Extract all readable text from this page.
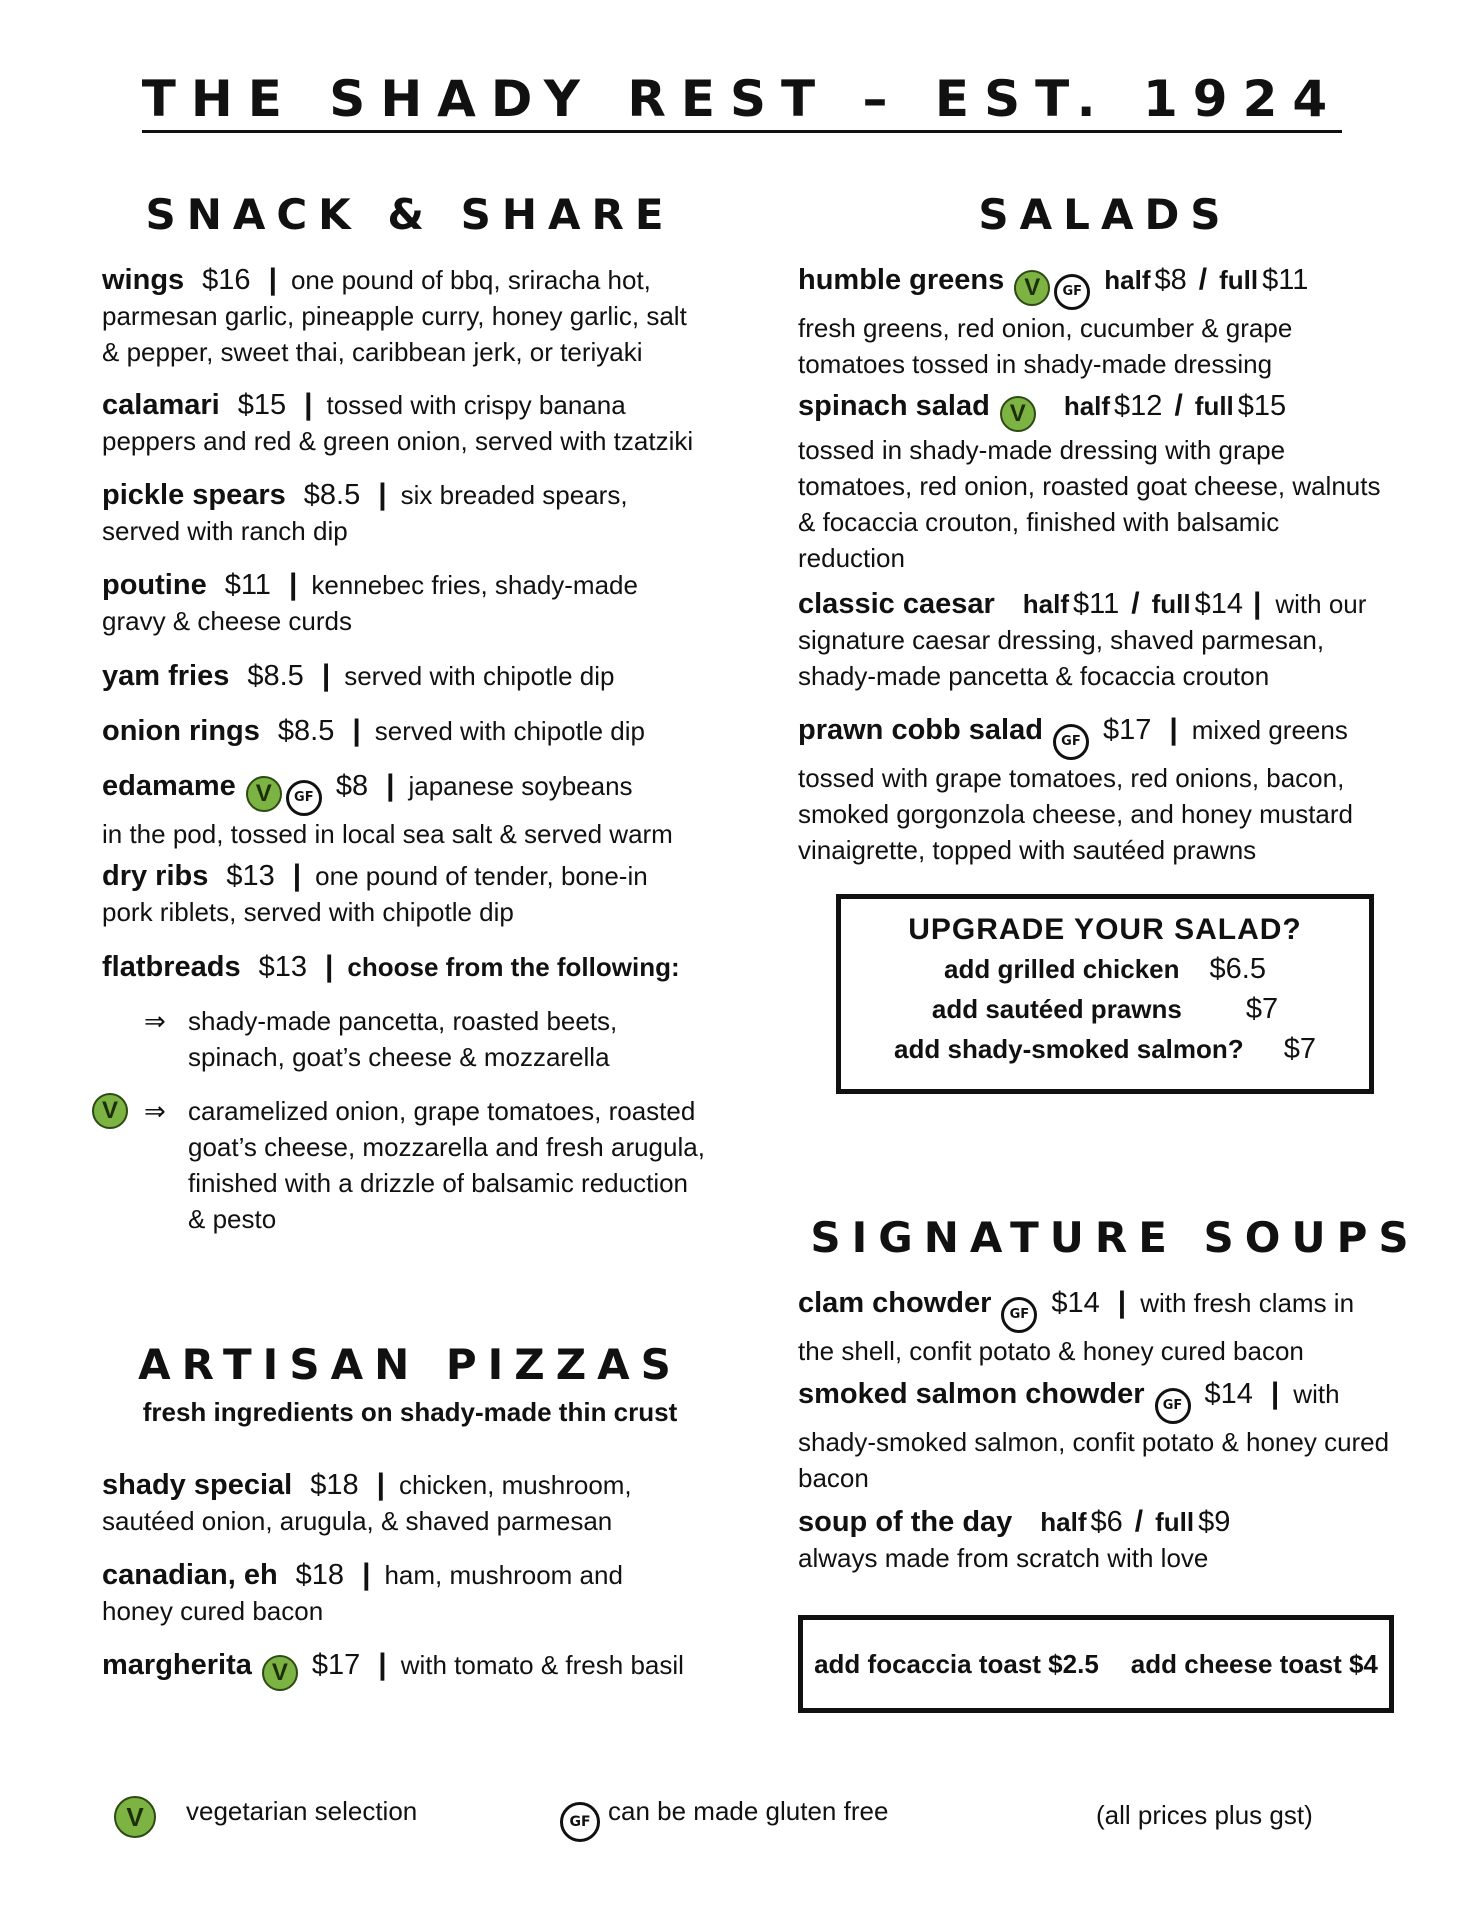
THE SHADY REST – EST. 1924
SNACK & SHARE
wings $16 | one pound of bbq, sriracha hot,
parmesan garlic, pineapple curry, honey garlic, salt
& pepper, sweet thai, caribbean jerk, or teriyaki
calamari $15 | tossed with crispy banana
peppers and red & green onion, served with tzatziki
pickle spears $8.5 | six breaded spears,
served with ranch dip
poutine $11 | kennebec fries, shady-made
gravy & cheese curds
yam fries $8.5 | served with chipotle dip
onion rings $8.5 | served with chipotle dip
edamame V GF $8 | japanese soybeans
in the pod, tossed in local sea salt & served warm
dry ribs $13 | one pound of tender, bone-in
pork riblets, served with chipotle dip
flatbreads $13 | choose from the following:
⇒ shady-made pancetta, roasted beets,
spinach, goat’s cheese & mozzarella
V	⇒ caramelized onion, grape tomatoes, roasted
goat’s cheese, mozzarella and fresh arugula,
finished with a drizzle of balsamic reduction
& pesto
ARTISAN PIZZAS
fresh ingredients on shady-made thin crust
shady special $18 | chicken, mushroom,
sautéed onion, arugula, & shaved parmesan
canadian, eh $18 | ham, mushroom and
honey cured bacon
margherita V $17 | with tomato & fresh basil
SALADS
humble greens V GF half $8 / full $11
fresh greens, red onion, cucumber & grape
tomatoes tossed in shady-made dressing
spinach salad V half $12 / full $15
tossed in shady-made dressing with grape
tomatoes, red onion, roasted goat cheese, walnuts
& focaccia crouton, finished with balsamic
reduction
classic caesar half $11 / full $14 | with our
signature caesar dressing, shaved parmesan,
shady-made pancetta & focaccia crouton
prawn cobb salad GF $17 | mixed greens
tossed with grape tomatoes, red onions, bacon,
smoked gorgonzola cheese, and honey mustard
vinaigrette, topped with sautéed prawns
UPGRADE YOUR SALAD?
add grilled chicken $6.5
add sautéed prawns $7
add shady-smoked salmon? $7
SIGNATURE SOUPS
clam chowder GF $14 | with fresh clams in
the shell, confit potato & honey cured bacon
smoked salmon chowder GF $14 | with
shady-smoked salmon, confit potato & honey cured
bacon
soup of the day half $6 / full $9
always made from scratch with love
add focaccia toast $2.5 add cheese toast $4
V vegetarian selection	GF can be made gluten free	(all prices plus gst)
